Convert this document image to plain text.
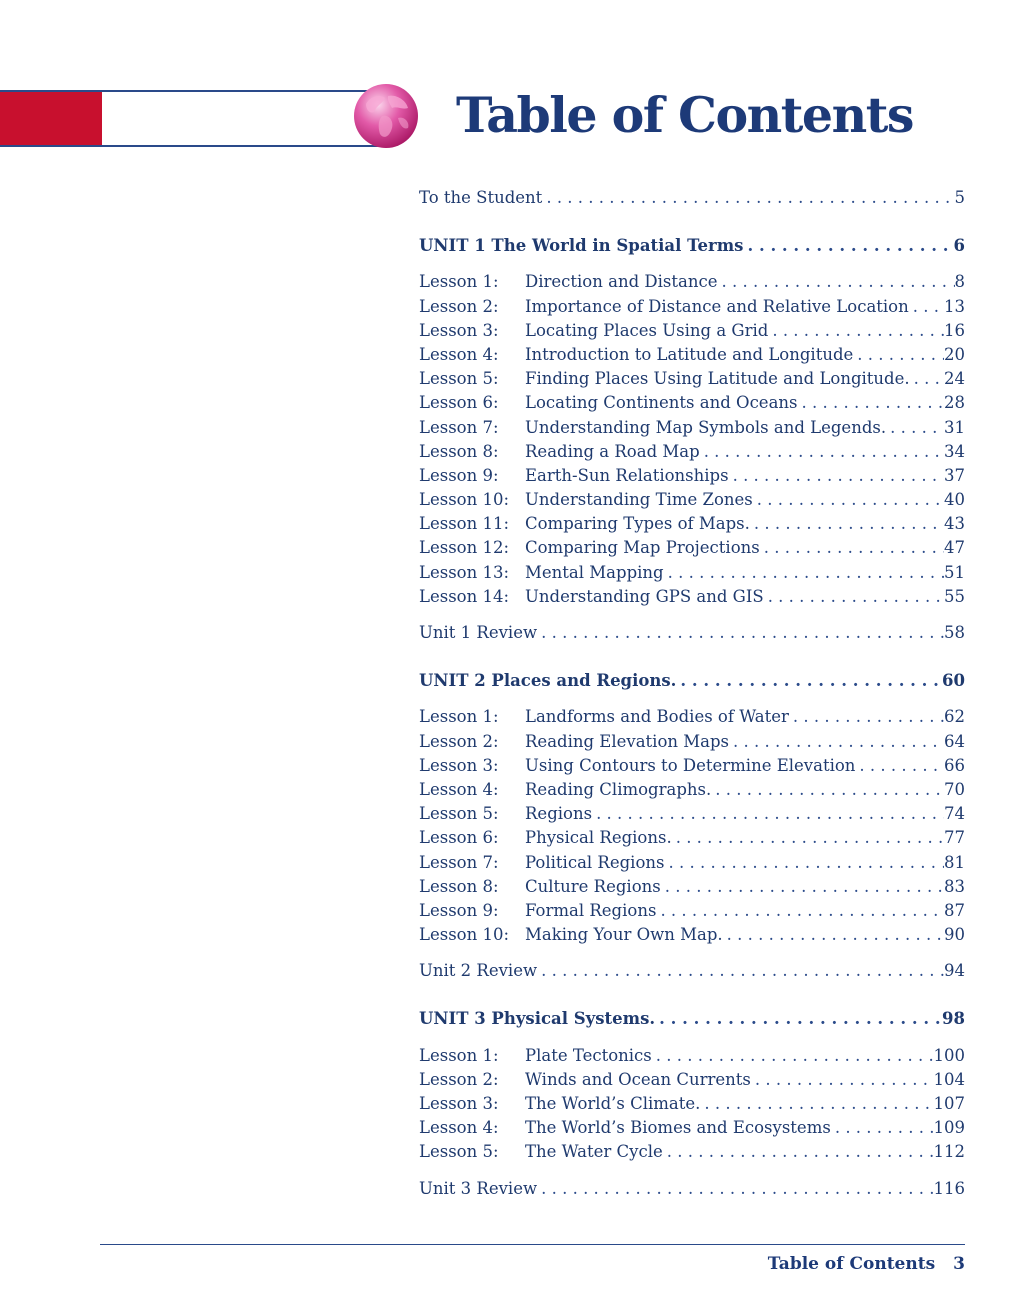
Table of Contents
To the Student . . .	5
UNIT 1 The World in Spatial Terms . . .	6
Lesson 1:	Direction and Distance . . .	8
Lesson 2:	Importance of Distance and Relative Location . . . 13
Lesson 3:	Locating Places Using a Grid . . .	16
Lesson 4:	Introduction to Latitude and Longitude . . .	20
Lesson 5:	Finding Places Using Latitude and Longitude. . . . 24
Lesson 6:	Locating Continents and Oceans . . .	28
Lesson 7:	Understanding Map Symbols and Legends. . . .	31
Lesson 8:	Reading a Road Map . . .	34
Lesson 9:	Earth-Sun Relationships . . .	37
Lesson 10: Understanding Time Zones . . .	40
Lesson 11: Comparing Types of Maps. . . .	43
Lesson 12: Comparing Map Projections . . .	47
Lesson 13: Mental Mapping . . .	51
Lesson 14: Understanding GPS and GIS . . .	55
Unit 1 Review . . .	58
UNIT 2 Places and Regions. . . .	60
Lesson 1:	Landforms and Bodies of Water . . .	62
Lesson 2:	Reading Elevation Maps . . .	64
Lesson 3:	Using Contours to Determine Elevation . . .	66
Lesson 4:	Reading Climographs. . . .	70
Lesson 5:	Regions . . .	74
Lesson 6:	Physical Regions. . . .	77
Lesson 7:	Political Regions . . .	81
Lesson 8:	Culture Regions . . .	83
Lesson 9:	Formal Regions . . .	87
Lesson 10: Making Your Own Map. . . .	90
Unit 2 Review . . .	94
UNIT 3 Physical Systems. . . .	98
Lesson 1:	Plate Tectonics . . .	100
Lesson 2:	Winds and Ocean Currents . . .	104
Lesson 3:	The World’s Climate. . . .	107
Lesson 4:	The World’s Biomes and Ecosystems . . .	109
Lesson 5:	The Water Cycle . . .	112
Unit 3 Review . . .	116
Table of Contents 3
